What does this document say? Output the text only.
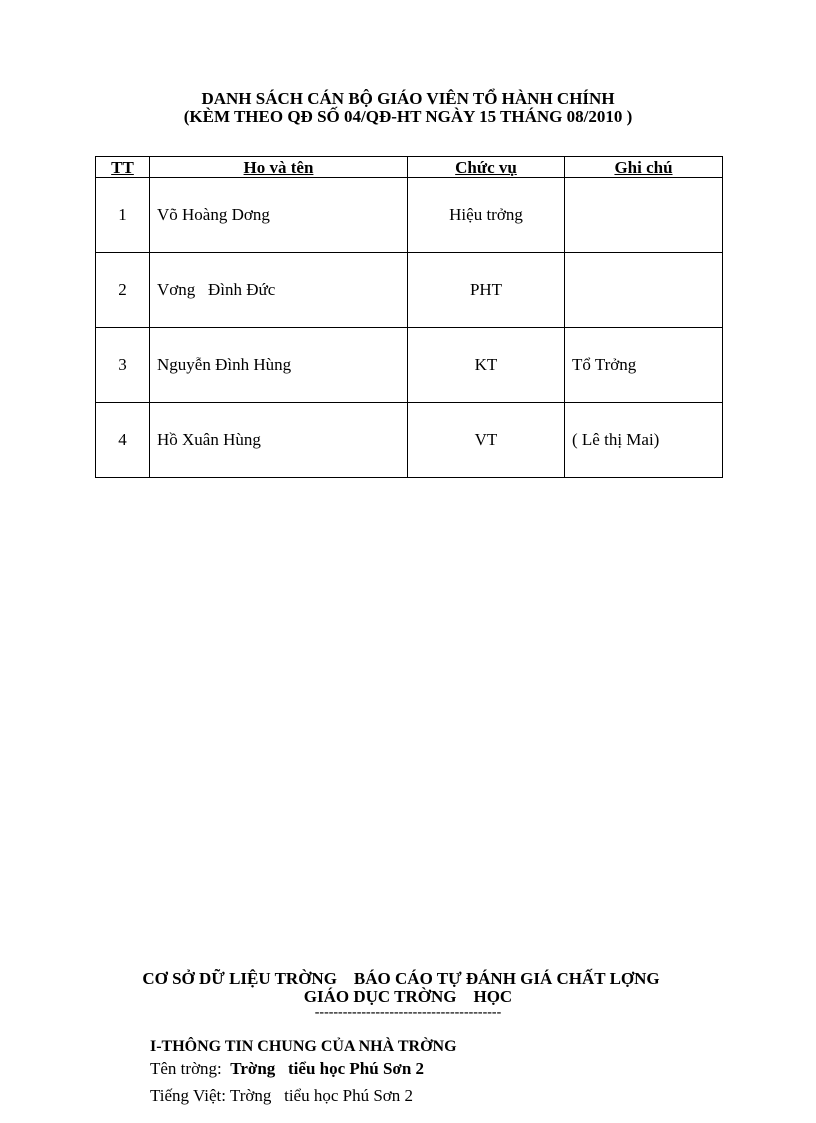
DANH SÁCH CÁN BỘ GIÁO VIÊN TỔ HÀNH CHÍNH
(KÈM THEO QĐ SỐ 04/QĐ-HT NGÀY 15 THÁNG 08/2010 )
TT	Ho và tên	Chức vụ	Ghi chú
1	Võ Hoàng Dơng	Hiệu trởng	
2	Vơng   Đình Đức	PHT	
3	Nguyễn Đình Hùng	KT	Tổ Trởng
4	Hồ Xuân Hùng	VT	( Lê thị Mai)
CƠ SỞ DỮ LIỆU TRỜNG    BÁO CÁO TỰ ĐÁNH GIÁ CHẤT LỢNG
GIÁO DỤC TRỜNG    HỌC
----------------------------------------
I-THÔNG TIN CHUNG CỦA NHÀ TRỜNG
Tên trờng: Trờng   tiểu học Phú Sơn 2
Tiếng Việt: Trờng   tiểu học Phú Sơn 2
